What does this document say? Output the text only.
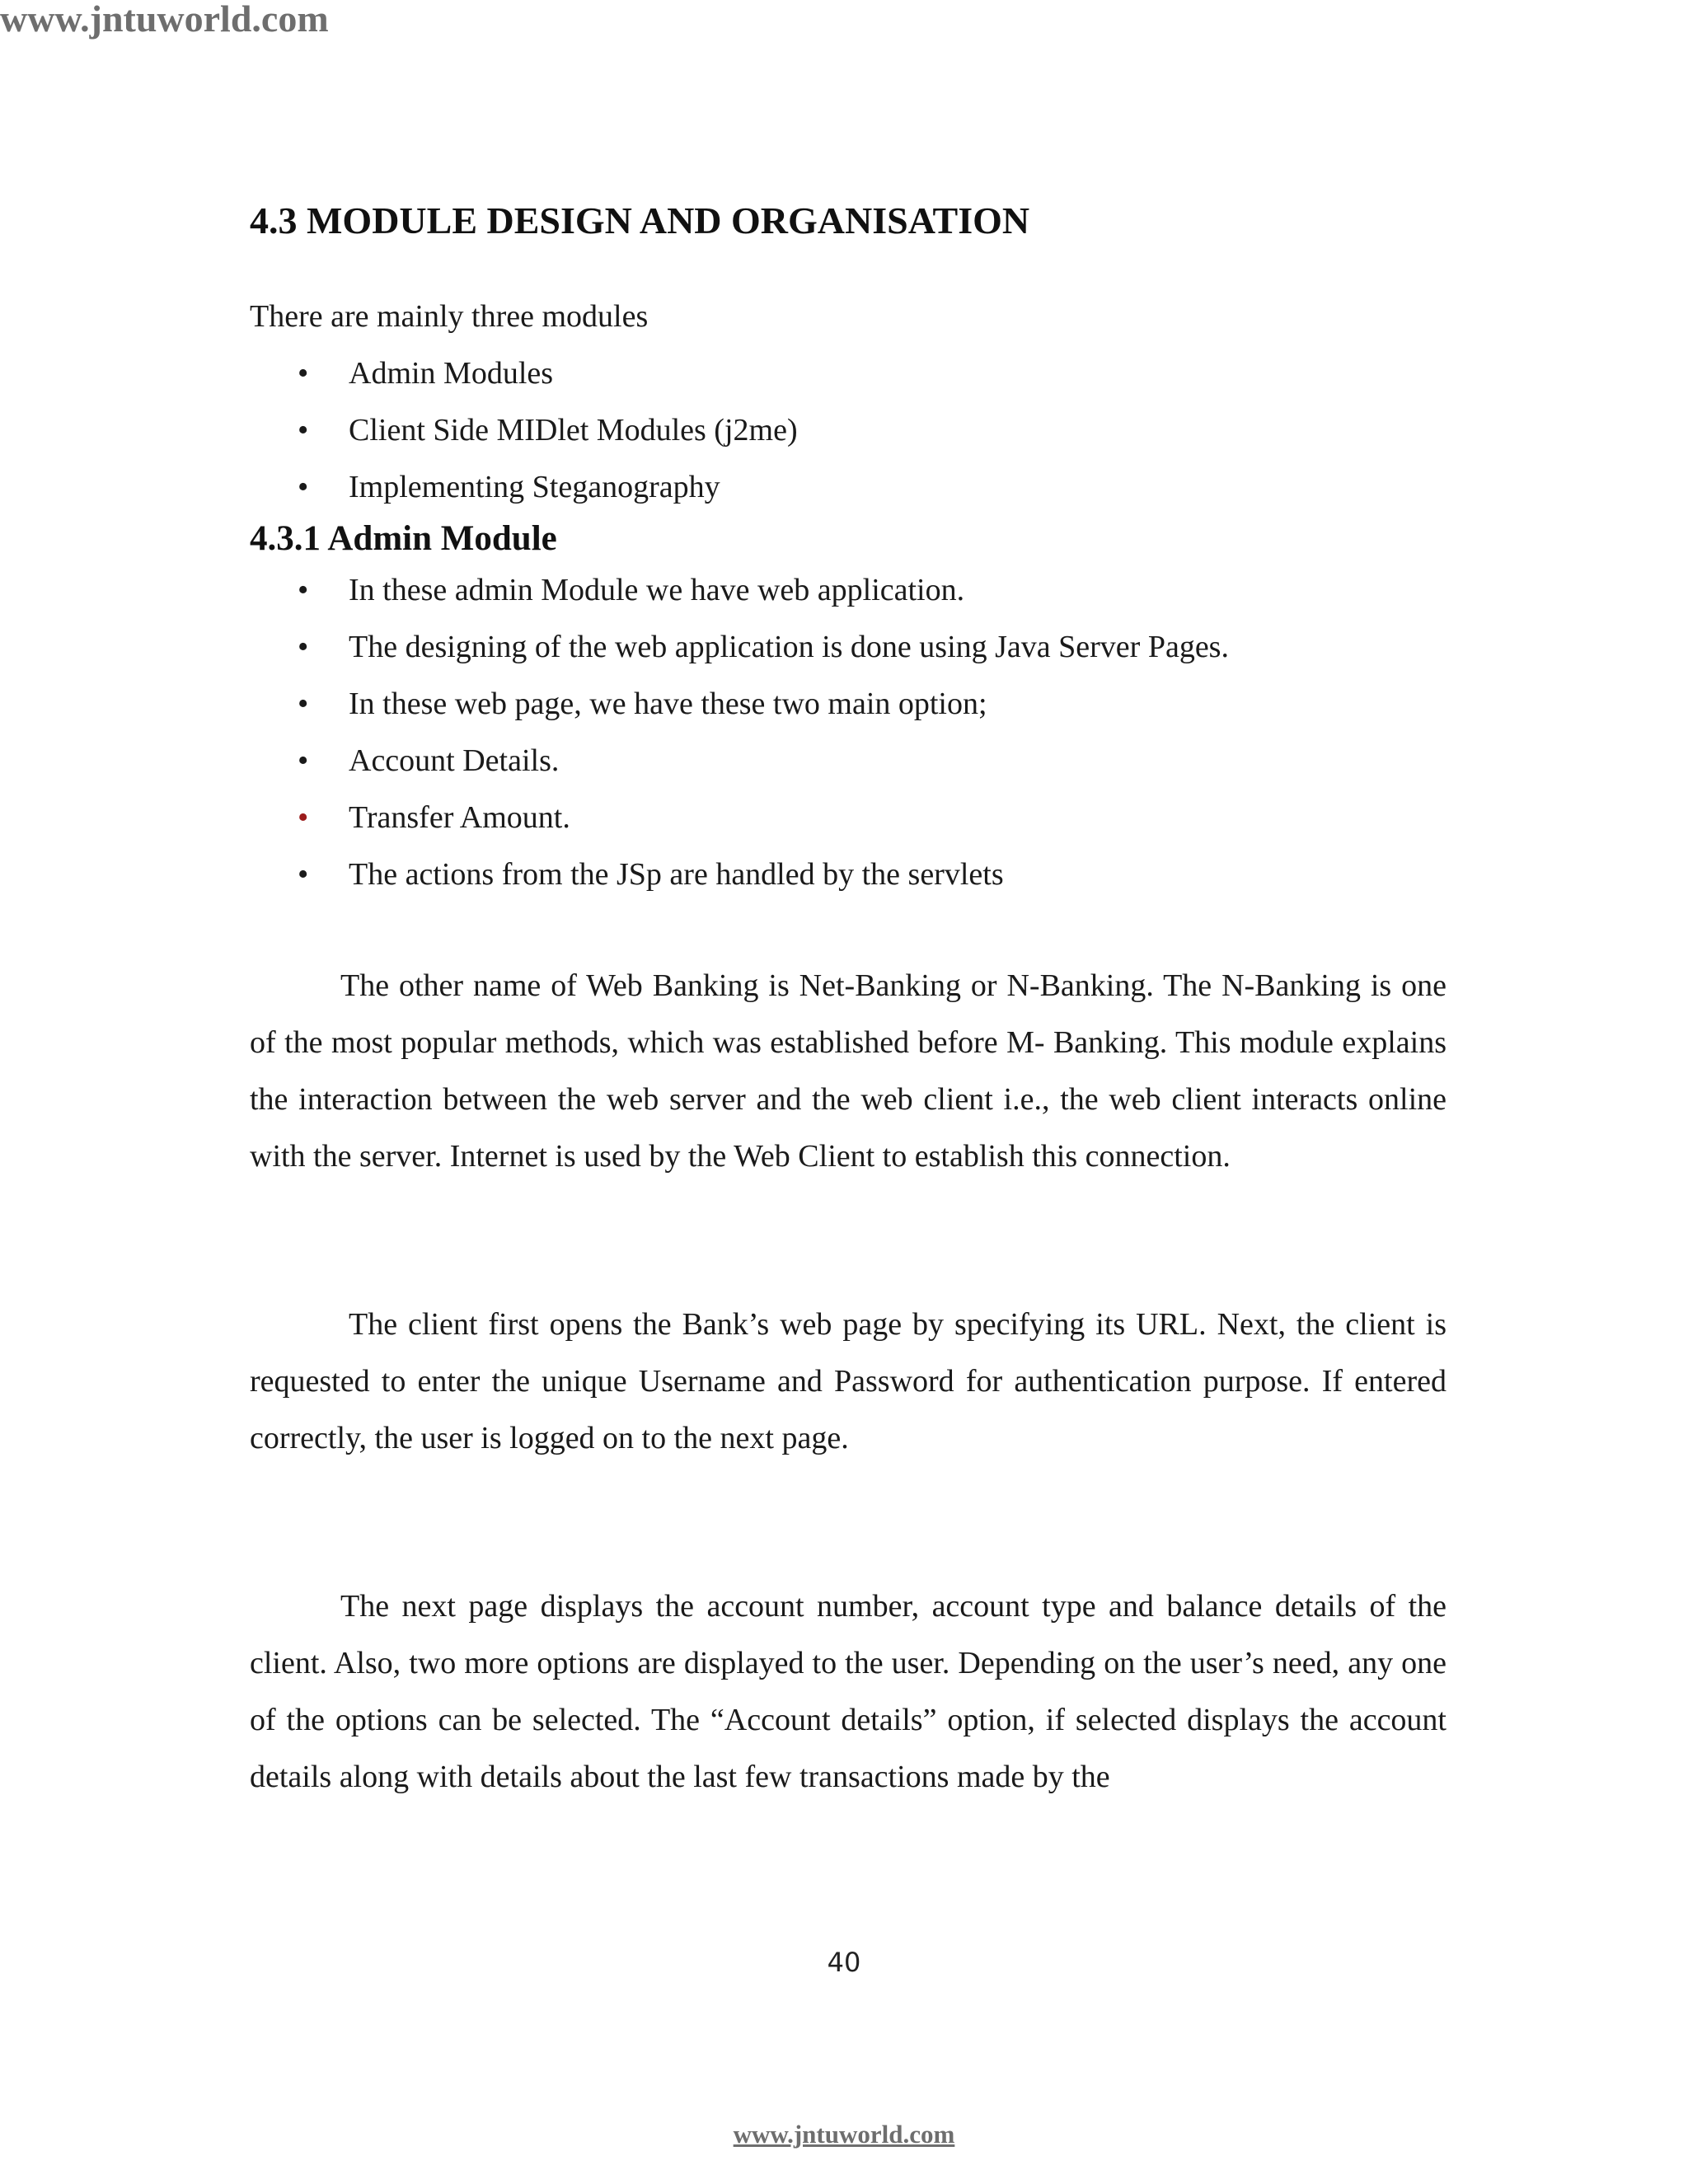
www.jntuworld.com
4.3 MODULE DESIGN AND ORGANISATION

There are mainly three modules

• Admin Modules
• Client Side MIDlet Modules (j2me)
• Implementing Steganography
4.3.1 Admin Module
• In these admin Module we have web application.
• The designing of the web application is done using Java Server Pages.
• In these web page, we have these two main option;
• Account Details.
• Transfer Amount.
• The actions from the JSp are handled by the servlets

The other name of Web Banking is Net-Banking or N-Banking. The N-Banking is one of the most popular methods, which was established before M- Banking. This module explains the interaction between the web server and the web client i.e., the web client interacts online with the server. Internet is used by the Web Client to establish this connection.

The client first opens the Bank’s web page by specifying its URL. Next, the client is requested to enter the unique Username and Password for authentication purpose. If entered correctly, the user is logged on to the next page.

The next page displays the account number, account type and balance details of the client. Also, two more options are displayed to the user. Depending on the user’s need, any one of the options can be selected. The “Account details” option, if selected displays the account details along with details about the last few transactions made by the

40
www.jntuworld.com
